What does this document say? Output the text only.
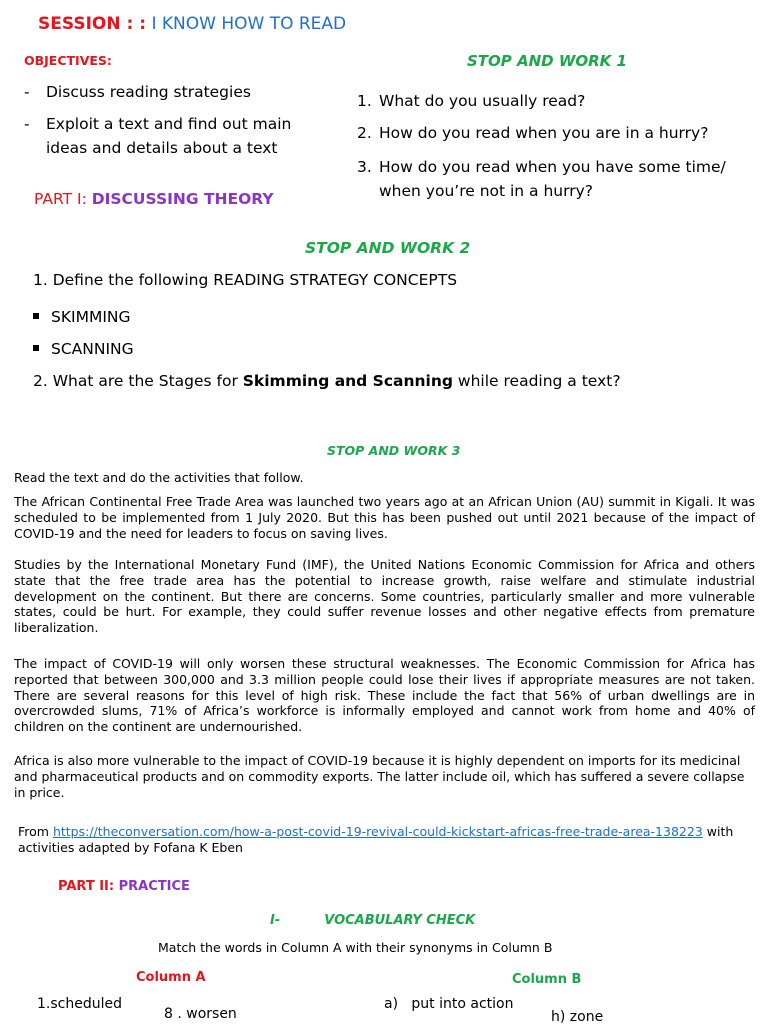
SESSION : : I KNOW HOW TO READ
OBJECTIVES:
- Discuss reading strategies
- Exploit a text and find out main
ideas and details about a text
STOP AND WORK 1
1. What do you usually read?
2. How do you read when you are in a hurry?
3. How do you read when you have some time/
when you’re not in a hurry?
PART I: DISCUSSING THEORY
STOP AND WORK 2
1. Define the following READING STRATEGY CONCEPTS
SKIMMING
SCANNING
2. What are the Stages for Skimming and Scanning while reading a text?
STOP AND WORK 3

Read the text and do the activities that follow.

The African Continental Free Trade Area was launched two years ago at an African Union (AU) summit in Kigali. It was scheduled to be implemented from 1 July 2020. But this has been pushed out until 2021 because of the impact of COVID-19 and the need for leaders to focus on saving lives.

Studies by the International Monetary Fund (IMF), the United Nations Economic Commission for Africa and others state that the free trade area has the potential to increase growth, raise welfare and stimulate industrial development on the continent. But there are concerns. Some countries, particularly smaller and more vulnerable states, could be hurt. For example, they could suffer revenue losses and other negative effects from premature liberalization.

The impact of COVID-19 will only worsen these structural weaknesses. The Economic Commission for Africa has reported that between 300,000 and 3.3 million people could lose their lives if appropriate measures are not taken. There are several reasons for this level of high risk. These include the fact that 56% of urban dwellings are in overcrowded slums, 71% of Africa’s workforce is informally employed and cannot work from home and 40% of children on the continent are undernourished.

Africa is also more vulnerable to the impact of COVID-19 because it is highly dependent on imports for its medicinal and pharmaceutical products and on commodity exports. The latter include oil, which has suffered a severe collapse in price.

From https://theconversation.com/how-a-post-covid-19-revival-could-kickstart-africas-free-trade-area-138223 with activities adapted by Fofana K Eben

PART II: PRACTICE
I-	VOCABULARY CHECK
Match the words in Column A with their synonyms in Column B
Column A	Column B
1.scheduled
8 . worsen
a)   put into action
h) zone
